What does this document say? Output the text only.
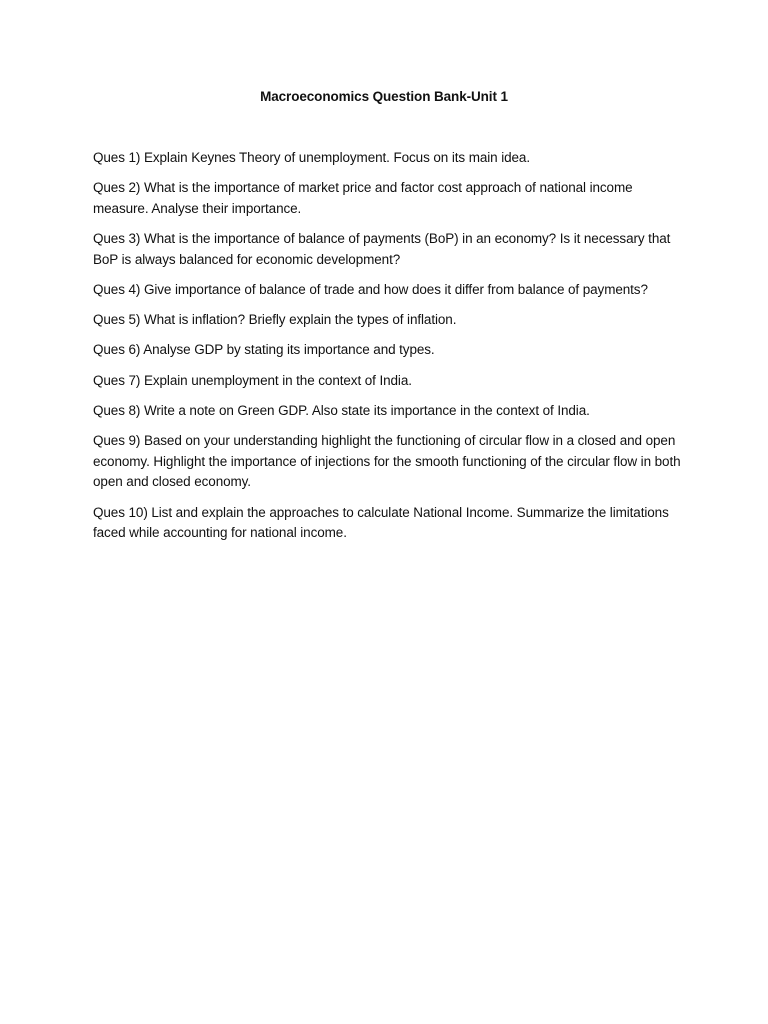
Macroeconomics Question Bank-Unit 1
Ques 1) Explain Keynes Theory of unemployment. Focus on its main idea.
Ques 2) What is the importance of market price and factor cost approach of national income measure. Analyse their importance.
Ques 3) What is the importance of balance of payments (BoP) in an economy? Is it necessary that BoP is always balanced for economic development?
Ques 4) Give importance of balance of trade and how does it differ from balance of payments?
Ques 5) What is inflation? Briefly explain the types of inflation.
Ques 6) Analyse GDP by stating its importance and types.
Ques 7) Explain unemployment in the context of India.
Ques 8) Write a note on Green GDP. Also state its importance in the context of India.
Ques 9) Based on your understanding highlight the functioning of circular flow in a closed and open economy. Highlight the importance of injections for the smooth functioning of the circular flow in both open and closed economy.
Ques 10) List and explain the approaches to calculate National Income. Summarize the limitations faced while accounting for national income.
